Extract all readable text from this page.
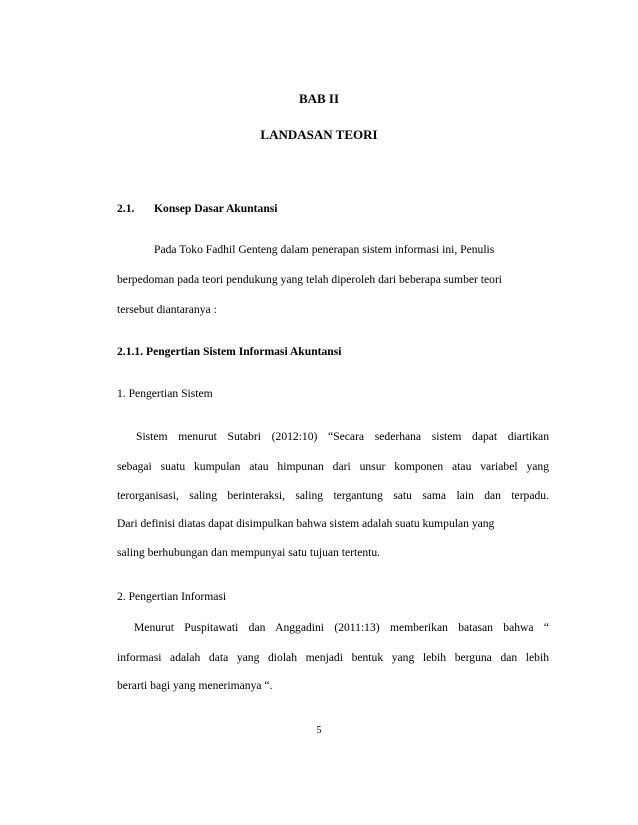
BAB II
LANDASAN TEORI
2.1. Konsep Dasar Akuntansi
Pada Toko Fadhil Genteng dalam penerapan sistem informasi ini, Penulis
berpedoman pada teori pendukung yang telah diperoleh dari beberapa sumber teori
tersebut diantaranya :
2.1.1. Pengertian Sistem Informasi Akuntansi
1. Pengertian Sistem
Sistem menurut Sutabri (2012:10) “Secara sederhana sistem dapat diartikan
sebagai suatu kumpulan atau himpunan dari unsur komponen atau variabel yang
terorganisasi, saling berinteraksi, saling tergantung satu sama lain dan terpadu.
Dari definisi diatas dapat disimpulkan bahwa sistem adalah suatu kumpulan yang
saling berhubungan dan mempunyai satu tujuan tertentu.
2. Pengertian Informasi
Menurut Puspitawati dan Anggadini (2011:13) memberikan batasan bahwa “
informasi adalah data yang diolah menjadi bentuk yang lebih berguna dan lebih
berarti bagi yang menerimanya “.
5
